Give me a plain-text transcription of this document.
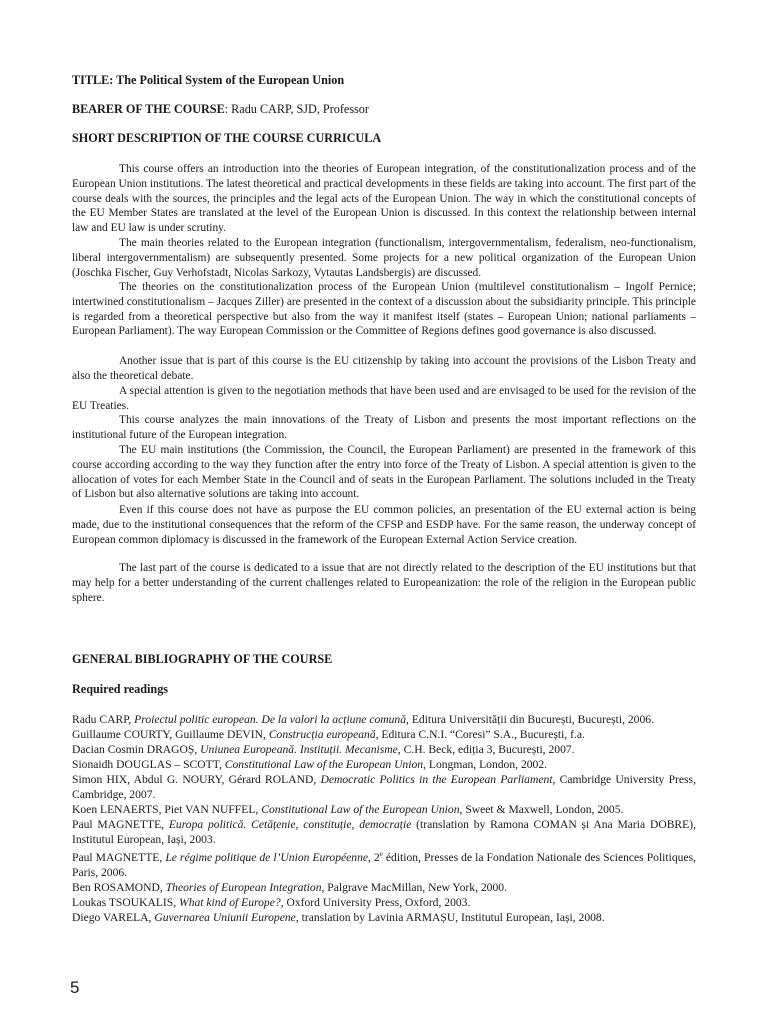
TITLE: The Political System of the European Union
BEARER OF THE COURSE: Radu CARP, SJD, Professor
SHORT DESCRIPTION OF THE COURSE CURRICULA

This course offers an introduction into the theories of European integration, of the constitutionalization process and of the European Union institutions. The latest theoretical and practical developments in these fields are taking into account. The first part of the course deals with the sources, the principles and the legal acts of the European Union. The way in which the constitutional concepts of the EU Member States are translated at the level of the European Union is discussed. In this context the relationship between internal law and EU law is under scrutiny.

The main theories related to the European integration (functionalism, intergovernmentalism, federalism, neo-functionalism, liberal intergovernmentalism) are subsequently presented. Some projects for a new political organization of the European Union (Joschka Fischer, Guy Verhofstadt, Nicolas Sarkozy, Vytautas Landsbergis) are discussed.

The theories on the constitutionalization process of the European Union (multilevel constitutionalism – Ingolf Pernice; intertwined constitutionalism – Jacques Ziller) are presented in the context of a discussion about the subsidiarity principle. This principle is regarded from a theoretical perspective but also from the way it manifest itself (states – European Union; national parliaments – European Parliament). The way European Commission or the Committee of Regions defines good governance is also discussed.

Another issue that is part of this course is the EU citizenship by taking into account the provisions of the Lisbon Treaty and also the theoretical debate.

A special attention is given to the negotiation methods that have been used and are envisaged to be used for the revision of the EU Treaties.

This course analyzes the main innovations of the Treaty of Lisbon and presents the most important reflections on the institutional future of the European integration.

The EU main institutions (the Commission, the Council, the European Parliament) are presented in the framework of this course according according to the way they function after the entry into force of the Treaty of Lisbon. A special attention is given to the allocation of votes for each Member State in the Council and of seats in the European Parliament. The solutions included in the Treaty of Lisbon but also alternative solutions are taking into account.

Even if this course does not have as purpose the EU common policies, an presentation of the EU external action is being made, due to the institutional consequences that the reform of the CFSP and ESDP have. For the same reason, the underway concept of European common diplomacy is discussed in the framework of the European External Action Service creation.

The last part of the course is dedicated to a issue that are not directly related to the description of the EU institutions but that may help for a better understanding of the current challenges related to Europeanization: the role of the religion in the European public sphere.

GENERAL BIBLIOGRAPHY OF THE COURSE
Required readings

Radu CARP, Proiectul politic european. De la valori la acțiune comună, Editura Universității din București, București, 2006.

Guillaume COURTY, Guillaume DEVIN, Construcția europeană, Editura C.N.I. “Coresi” S.A., București, f.a.

Dacian Cosmin DRAGOȘ, Uniunea Europeană. Instituții. Mecanisme, C.H. Beck, ediția 3, București, 2007.

Sionaidh DOUGLAS – SCOTT, Constitutional Law of the European Union, Longman, London, 2002.

Simon HIX, Abdul G. NOURY, Gérard ROLAND, Democratic Politics in the European Parliament, Cambridge University Press, Cambridge, 2007.

Koen LENAERTS, Piet VAN NUFFEL, Constitutional Law of the European Union, Sweet & Maxwell, London, 2005.

Paul MAGNETTE, Europa politică. Cetățenie, constituție, democrație (translation by Ramona COMAN și Ana Maria DOBRE), Institutul European, Iași, 2003.

Paul MAGNETTE, Le régime politique de l’Union Européenne, 2e édition, Presses de la Fondation Nationale des Sciences Politiques, Paris, 2006.

Ben ROSAMOND, Theories of European Integration, Palgrave MacMillan, New York, 2000.

Loukas TSOUKALIS, What kind of Europe?, Oxford University Press, Oxford, 2003.

Diego VARELA, Guvernarea Uniunii Europene, translation by Lavinia ARMAȘU, Institutul European, Iași, 2008.

5
